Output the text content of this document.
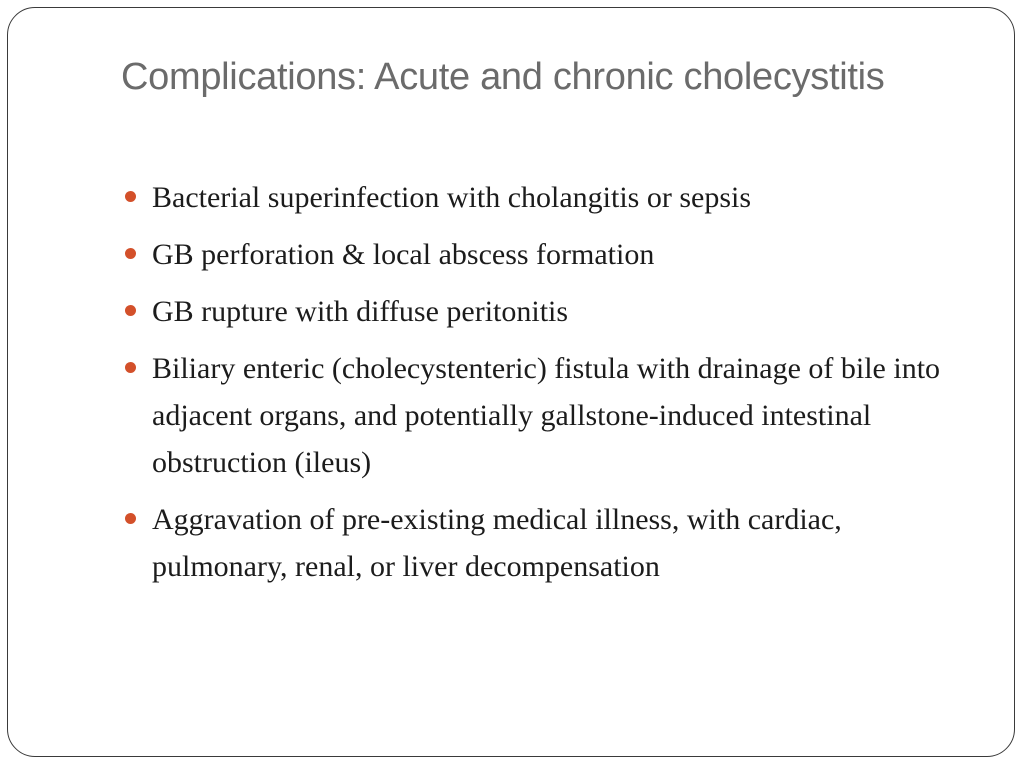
Complications: Acute and chronic cholecystitis
Bacterial superinfection with cholangitis or sepsis
GB perforation & local abscess formation
GB rupture with diffuse peritonitis
Biliary enteric (cholecystenteric) fistula with drainage of bile into adjacent organs, and potentially gallstone-induced intestinal obstruction (ileus)
Aggravation of pre-existing medical illness, with cardiac, pulmonary, renal, or liver decompensation
